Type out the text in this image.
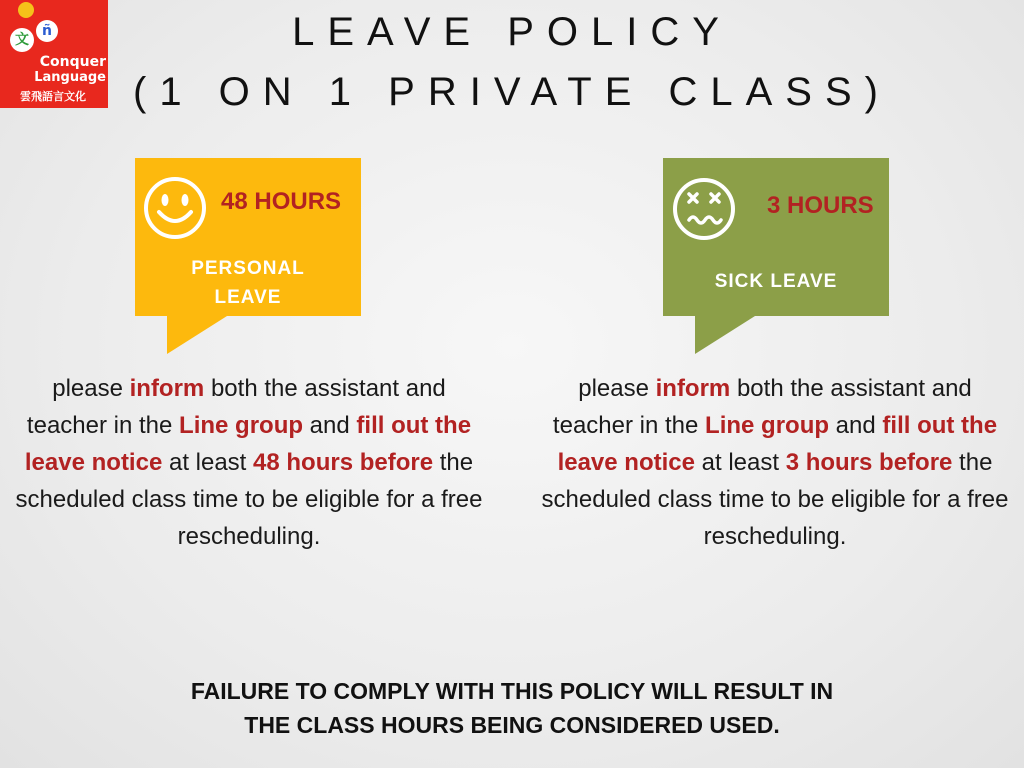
文
ñ
Conquer
Language
雲飛語言文化
LEAVE POLICY
(1 ON 1 PRIVATE CLASS)
48 HOURS
PERSONAL
LEAVE
3 HOURS
SICK LEAVE

please inform both the assistant and teacher in the Line group and fill out the leave notice at least 48 hours before the scheduled class time to be eligible for a free rescheduling.

please inform both the assistant and teacher in the Line group and fill out the leave notice at least 3 hours before the scheduled class time to be eligible for a free rescheduling.

FAILURE TO COMPLY WITH THIS POLICY WILL RESULT IN
THE CLASS HOURS BEING CONSIDERED USED.
